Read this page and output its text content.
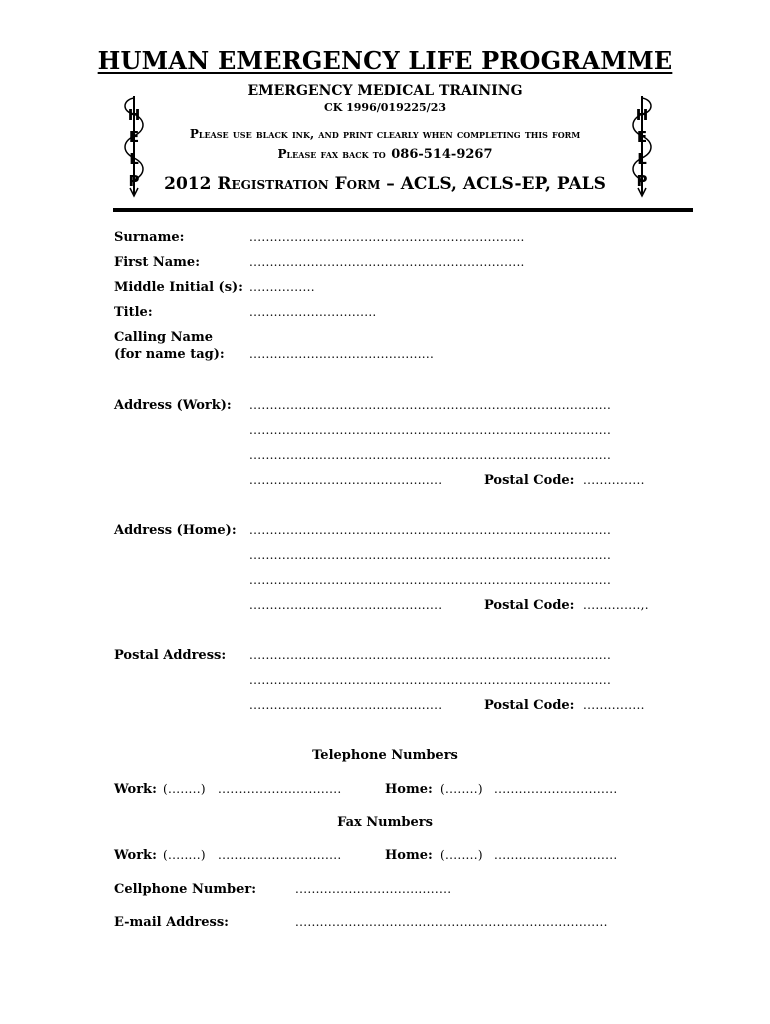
HUMAN EMERGENCY LIFE PROGRAMME
EMERGENCY MEDICAL TRAINING
CK 1996/019225/23
Please use black ink, and print clearly when completing this form
Please fax back to 086-514-9267
2012 Registration Form – ACLS, ACLS-EP, PALS
H
E
L
P
H
E
L
P
Surname:	...................................................................
First Name:	...................................................................
Middle Initial (s): ................
Title:	...............................
Calling Name
(for name tag): .............................................
Address (Work): ........................................................................................
........................................................................................
........................................................................................
...............................................	Postal Code: ...............
Address (Home): ........................................................................................
........................................................................................
........................................................................................
...............................................	Postal Code: ..............,.
Postal Address: ........................................................................................
........................................................................................
...............................................	Postal Code: ...............
Telephone Numbers
Work: (........)	..............................	Home: (........) ..............................
Fax Numbers
Work: (........)	..............................	Home: (........) ..............................
Cellphone Number:	......................................
E-mail Address:	............................................................................
